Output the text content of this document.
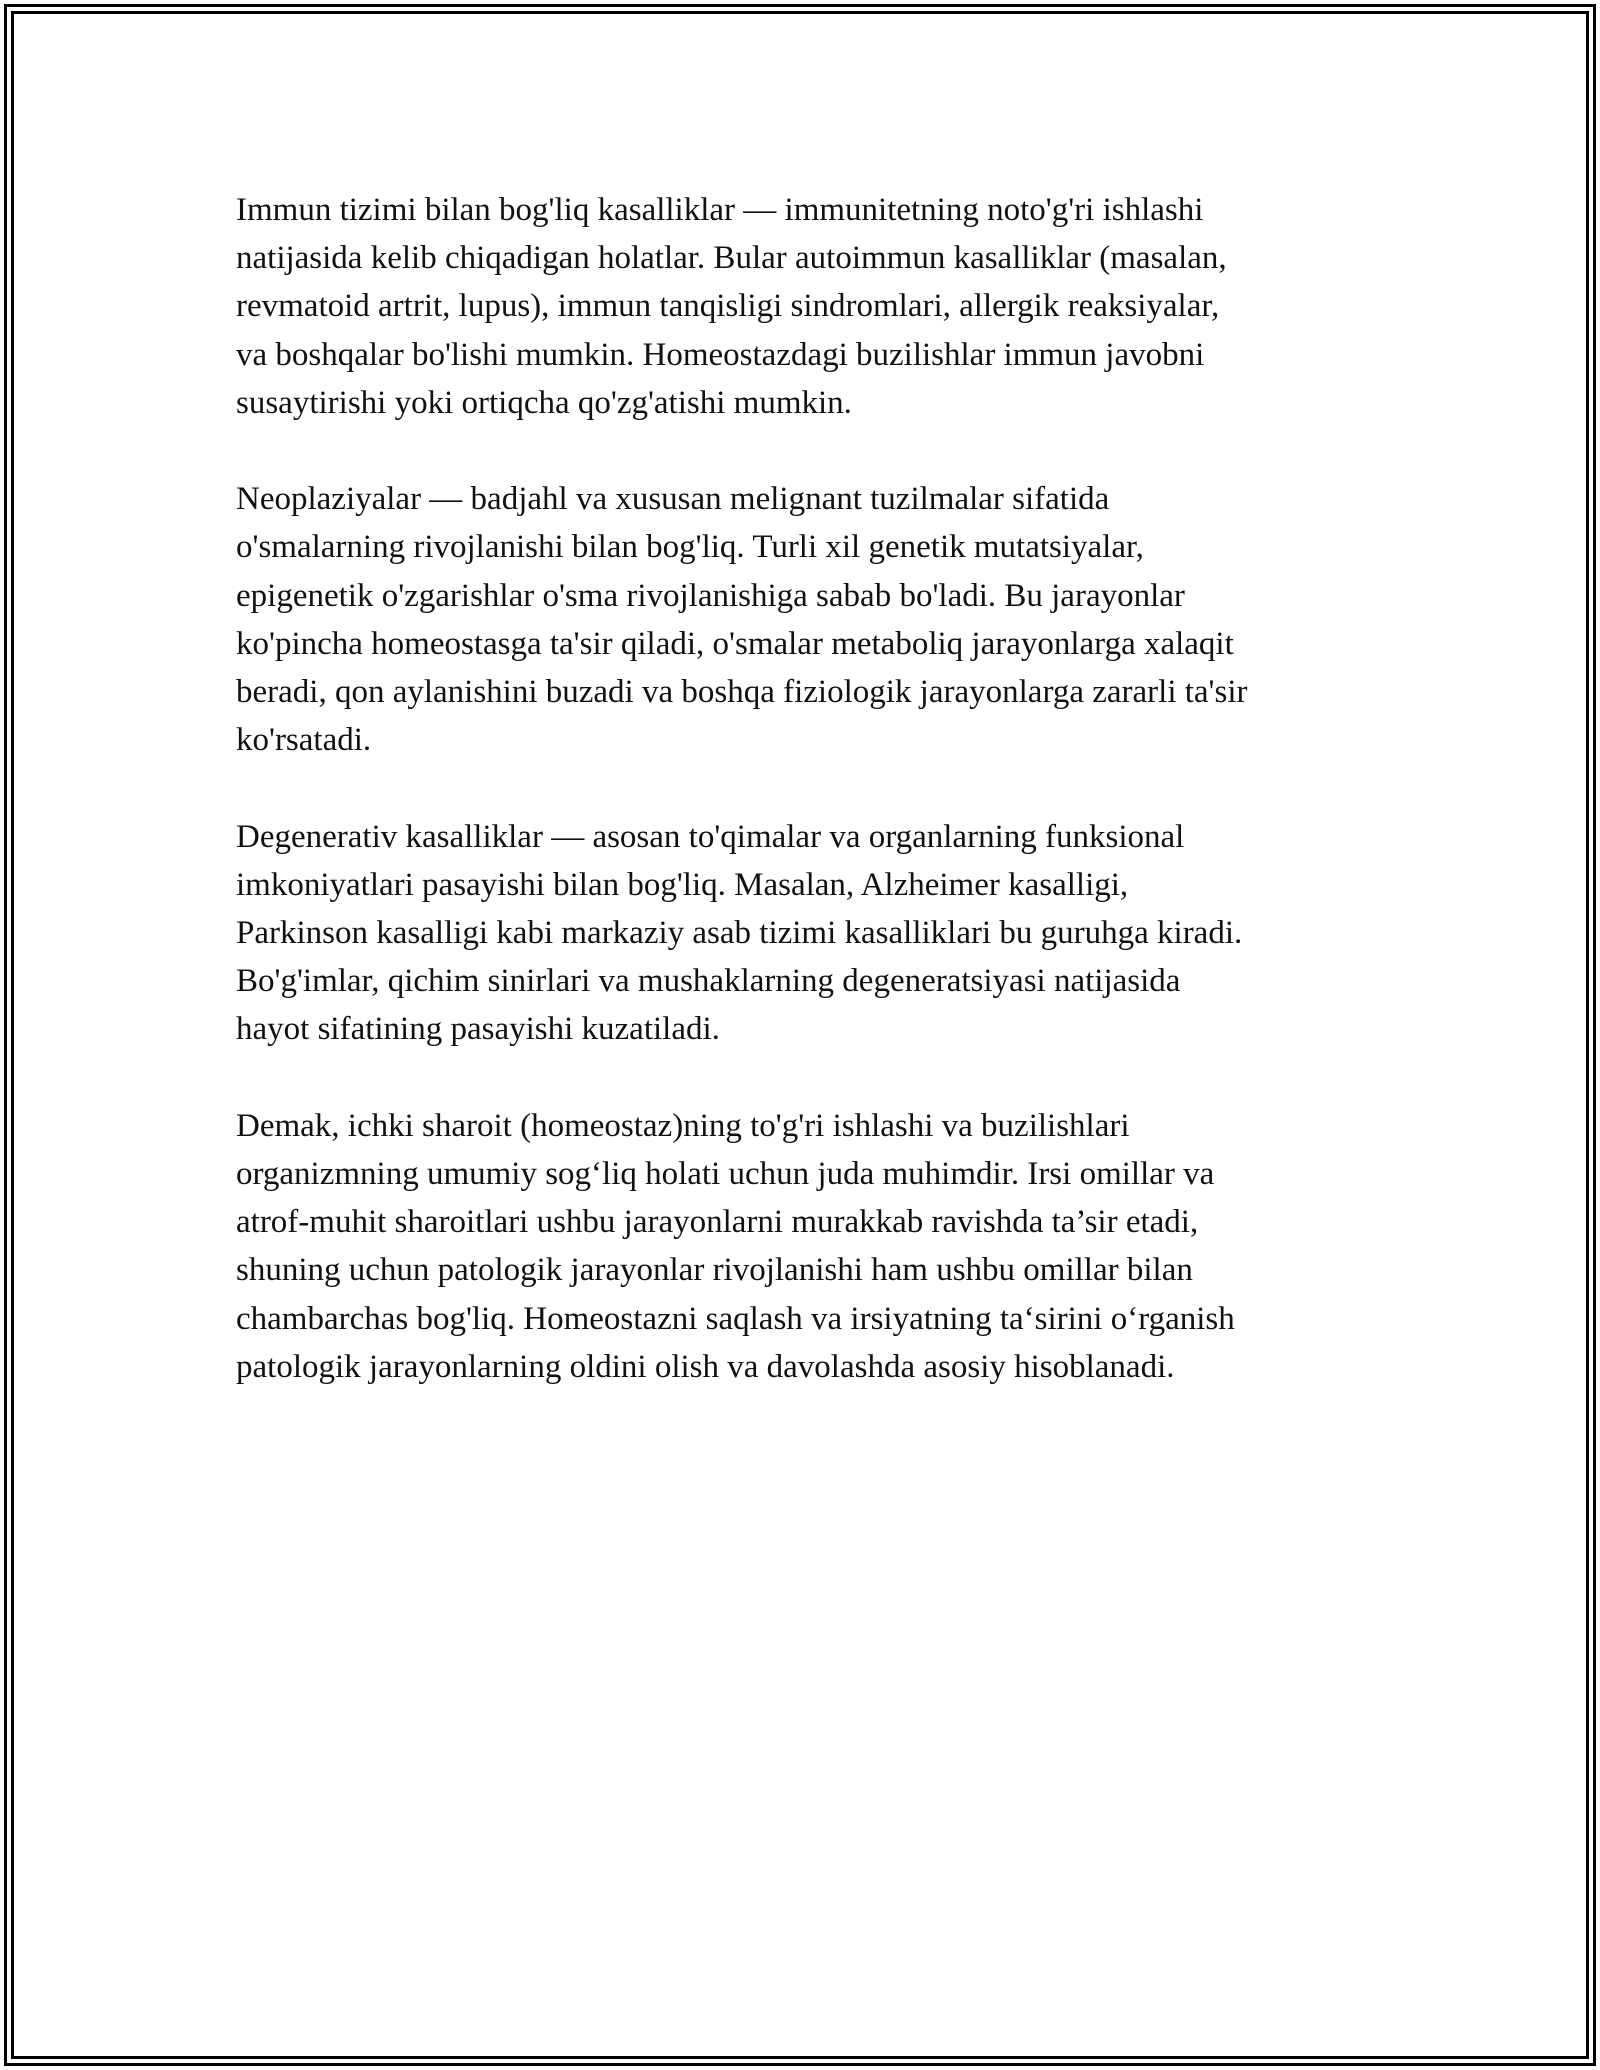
Immun tizimi bilan bog'liq kasalliklar — immunitetning noto'g'ri ishlashi
natijasida kelib chiqadigan holatlar. Bular autoimmun kasalliklar (masalan,
revmatoid artrit, lupus), immun tanqisligi sindromlari, allergik reaksiyalar,
va boshqalar bo'lishi mumkin. Homeostazdagi buzilishlar immun javobni
susaytirishi yoki ortiqcha qo'zg'atishi mumkin.

Neoplaziyalar — badjahl va xususan melignant tuzilmalar sifatida
o'smalarning rivojlanishi bilan bog'liq. Turli xil genetik mutatsiyalar,
epigenetik o'zgarishlar o'sma rivojlanishiga sabab bo'ladi. Bu jarayonlar
ko'pincha homeostasga ta'sir qiladi, o'smalar metaboliq jarayonlarga xalaqit
beradi, qon aylanishini buzadi va boshqa fiziologik jarayonlarga zararli ta'sir
ko'rsatadi.

Degenerativ kasalliklar — asosan to'qimalar va organlarning funksional
imkoniyatlari pasayishi bilan bog'liq. Masalan, Alzheimer kasalligi,
Parkinson kasalligi kabi markaziy asab tizimi kasalliklari bu guruhga kiradi.
Bo'g'imlar, qichim sinirlari va mushaklarning degeneratsiyasi natijasida
hayot sifatining pasayishi kuzatiladi.

Demak, ichki sharoit (homeostaz)ning to'g'ri ishlashi va buzilishlari
organizmning umumiy sog‘liq holati uchun juda muhimdir. Irsi omillar va
atrof-muhit sharoitlari ushbu jarayonlarni murakkab ravishda ta’sir etadi,
shuning uchun patologik jarayonlar rivojlanishi ham ushbu omillar bilan
chambarchas bog'liq. Homeostazni saqlash va irsiyatning ta‘sirini o‘rganish
patologik jarayonlarning oldini olish va davolashda asosiy hisoblanadi.
